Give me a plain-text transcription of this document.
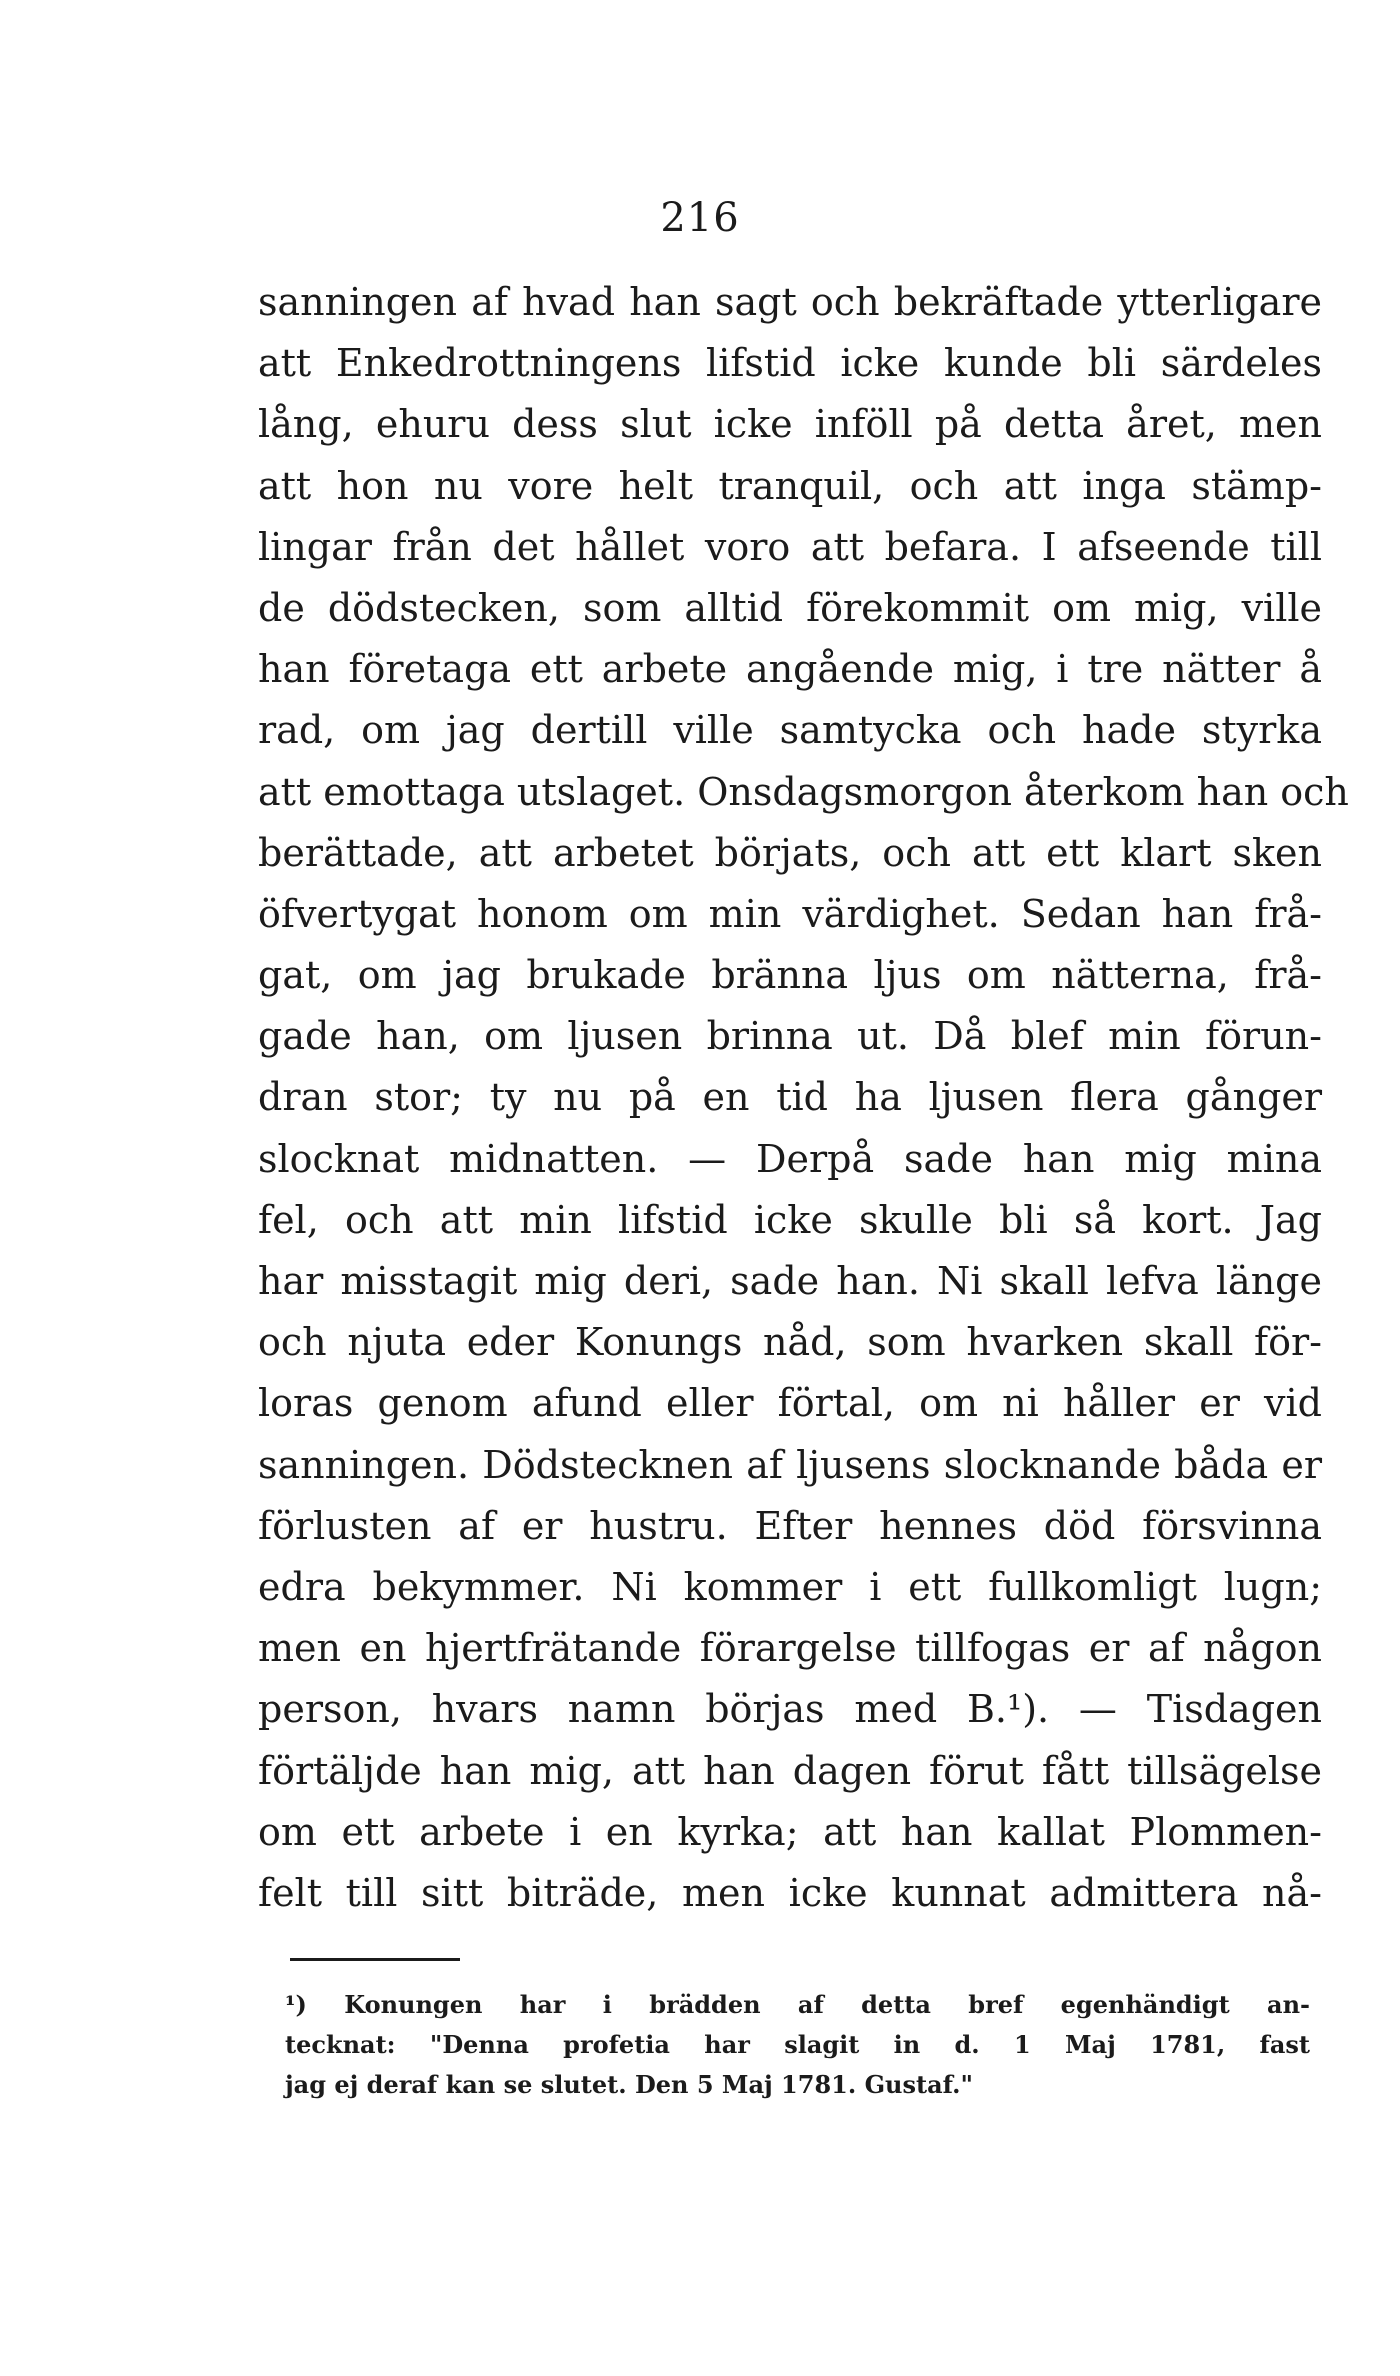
216
sanningen af hvad han sagt och bekräftade ytterligare
att Enkedrottningens lifstid icke kunde bli särdeles
lång, ehuru dess slut icke inföll på detta året, men
att hon nu vore helt tranquil, och att inga stämp-
lingar från det hållet voro att befara. I afseende till
de dödstecken, som alltid förekommit om mig, ville
han företaga ett arbete angående mig, i tre nätter å
rad, om jag dertill ville samtycka och hade styrka
att emottaga utslaget. Onsdagsmorgon återkom han och
berättade, att arbetet börjats, och att ett klart sken
öfvertygat honom om min värdighet. Sedan han frå-
gat, om jag brukade bränna ljus om nätterna, frå-
gade han, om ljusen brinna ut. Då blef min förun-
dran stor; ty nu på en tid ha ljusen flera gånger
slocknat midnatten. — Derpå sade han mig mina
fel, och att min lifstid icke skulle bli så kort. Jag
har misstagit mig deri, sade han. Ni skall lefva länge
och njuta eder Konungs nåd, som hvarken skall för-
loras genom afund eller förtal, om ni håller er vid
sanningen. Dödstecknen af ljusens slocknande båda er
förlusten af er hustru. Efter hennes död försvinna
edra bekymmer. Ni kommer i ett fullkomligt lugn;
men en hjertfrätande förargelse tillfogas er af någon
person, hvars namn börjas med B.¹). — Tisdagen
förtäljde han mig, att han dagen förut fått tillsägelse
om ett arbete i en kyrka; att han kallat Plommen-
felt till sitt biträde, men icke kunnat admittera nå-
¹) Konungen har i brädden af detta bref egenhändigt an-
tecknat: "Denna profetia har slagit in d. 1 Maj 1781, fast
jag ej deraf kan se slutet. Den 5 Maj 1781. Gustaf."
